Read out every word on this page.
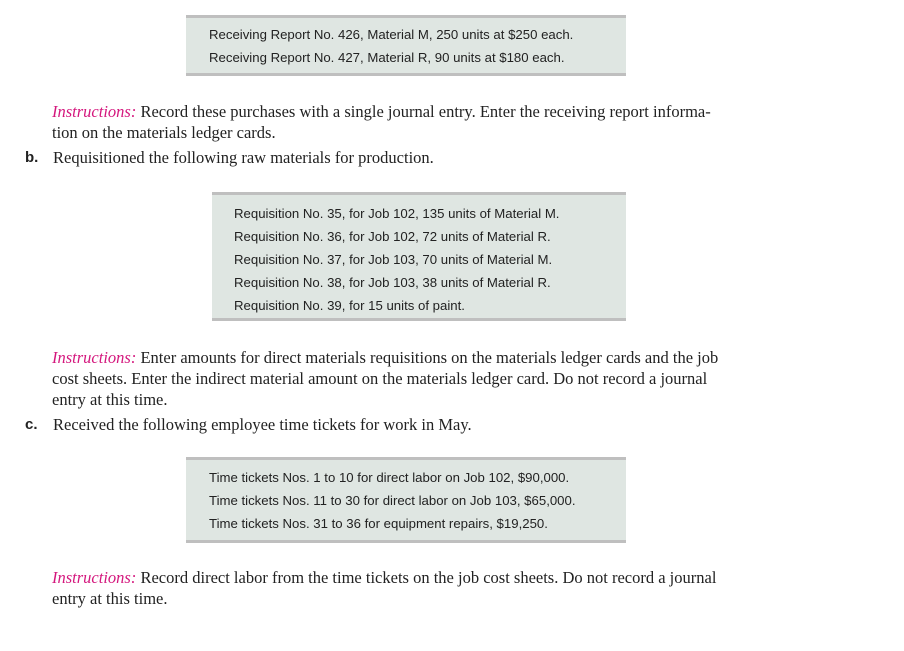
Receiving Report No. 426, Material M, 250 units at $250 each.
Receiving Report No. 427, Material R, 90 units at $180 each.
Instructions: Record these purchases with a single journal entry. Enter the receiving report informa-
tion on the materials ledger cards.
b. Requisitioned the following raw materials for production.
Requisition No. 35, for Job 102, 135 units of Material M.
Requisition No. 36, for Job 102, 72 units of Material R.
Requisition No. 37, for Job 103, 70 units of Material M.
Requisition No. 38, for Job 103, 38 units of Material R.
Requisition No. 39, for 15 units of paint.
Instructions: Enter amounts for direct materials requisitions on the materials ledger cards and the job
cost sheets. Enter the indirect material amount on the materials ledger card. Do not record a journal
entry at this time.
c. Received the following employee time tickets for work in May.
Time tickets Nos. 1 to 10 for direct labor on Job 102, $90,000.
Time tickets Nos. 11 to 30 for direct labor on Job 103, $65,000.
Time tickets Nos. 31 to 36 for equipment repairs, $19,250.
Instructions: Record direct labor from the time tickets on the job cost sheets. Do not record a journal
entry at this time.
